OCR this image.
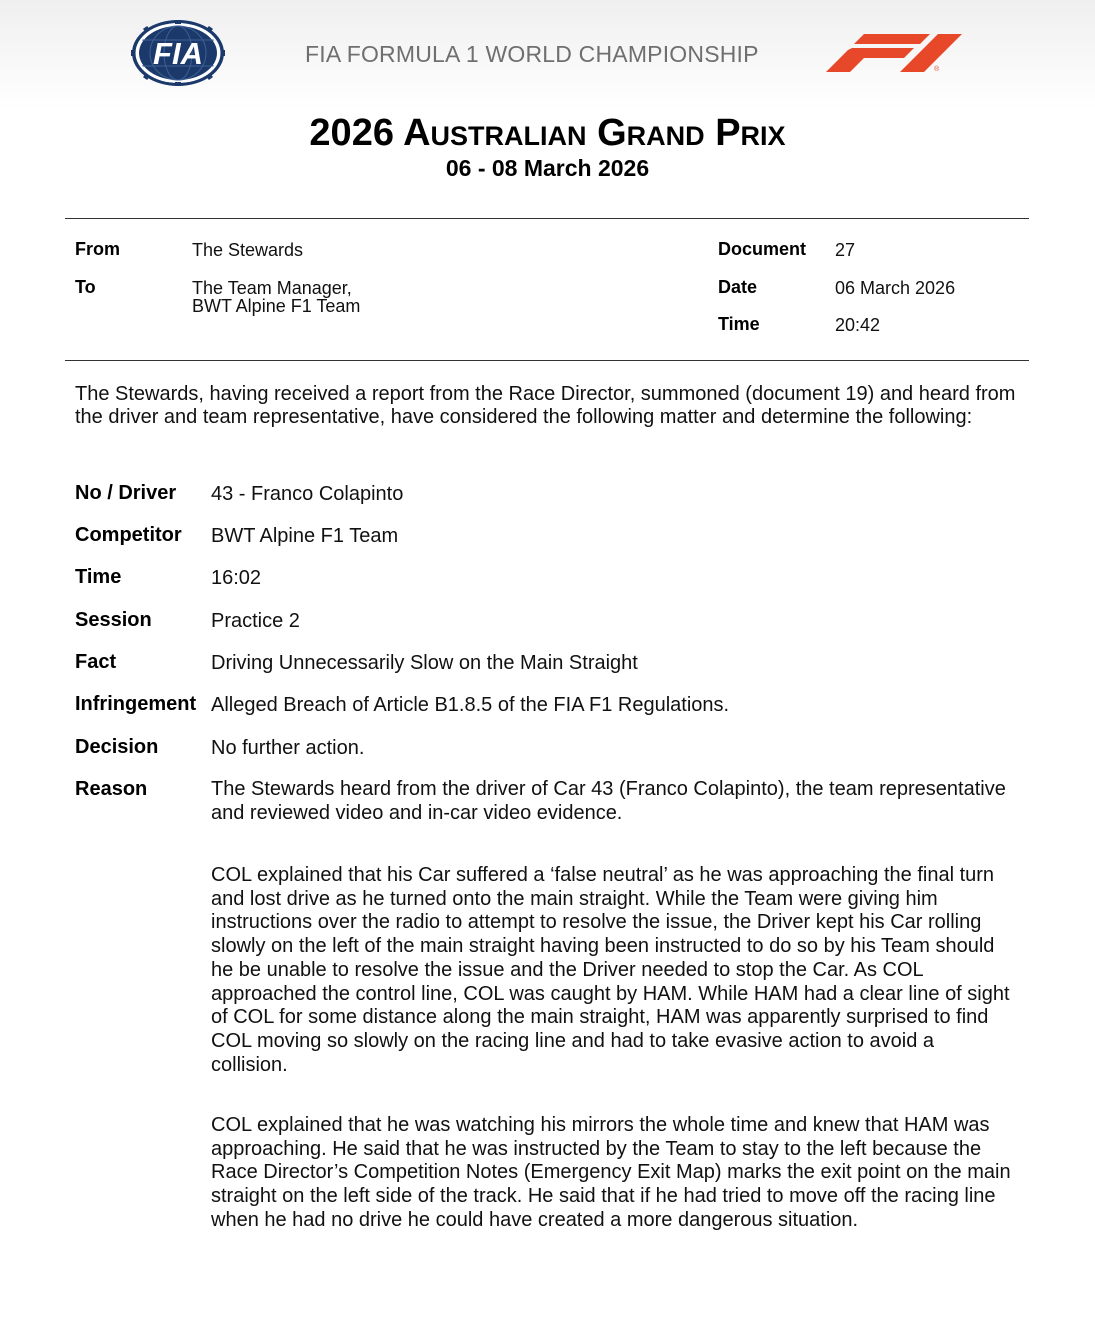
FIA	FIA FORMULA 1 WORLD CHAMPIONSHIP
®
2026 Australian Grand Prix
06 - 08 March 2026
From	The Stewards
To	The Team Manager,
BWT Alpine F1 Team
Document 27
Date	06 March 2026
Time	20:42
The Stewards, having received a report from the Race Director, summoned (document 19) and heard from the driver and team representative, have considered the following matter and determine the following:
No / Driver 43 - Franco Colapinto
Competitor BWT Alpine F1 Team
Time	16:02
Session	Practice 2
Fact	Driving Unnecessarily Slow on the Main Straight
Infringement Alleged Breach of Article B1.8.5 of the FIA F1 Regulations.
Decision	No further action.
Reason	The Stewards heard from the driver of Car 43 (Franco Colapinto), the team representative and reviewed video and in-car video evidence.
COL explained that his Car suffered a ‘false neutral’ as he was approaching the final turn and lost drive as he turned onto the main straight. While the Team were giving him instructions over the radio to attempt to resolve the issue, the Driver kept his Car rolling slowly on the left of the main straight having been instructed to do so by his Team should he be unable to resolve the issue and the Driver needed to stop the Car. As COL approached the control line, COL was caught by HAM. While HAM had a clear line of sight of COL for some distance along the main straight, HAM was apparently surprised to find COL moving so slowly on the racing line and had to take evasive action to avoid a collision.
COL explained that he was watching his mirrors the whole time and knew that HAM was approaching. He said that he was instructed by the Team to stay to the left because the Race Director’s Competition Notes (Emergency Exit Map) marks the exit point on the main straight on the left side of the track. He said that if he had tried to move off the racing line when he had no drive he could have created a more dangerous situation.
